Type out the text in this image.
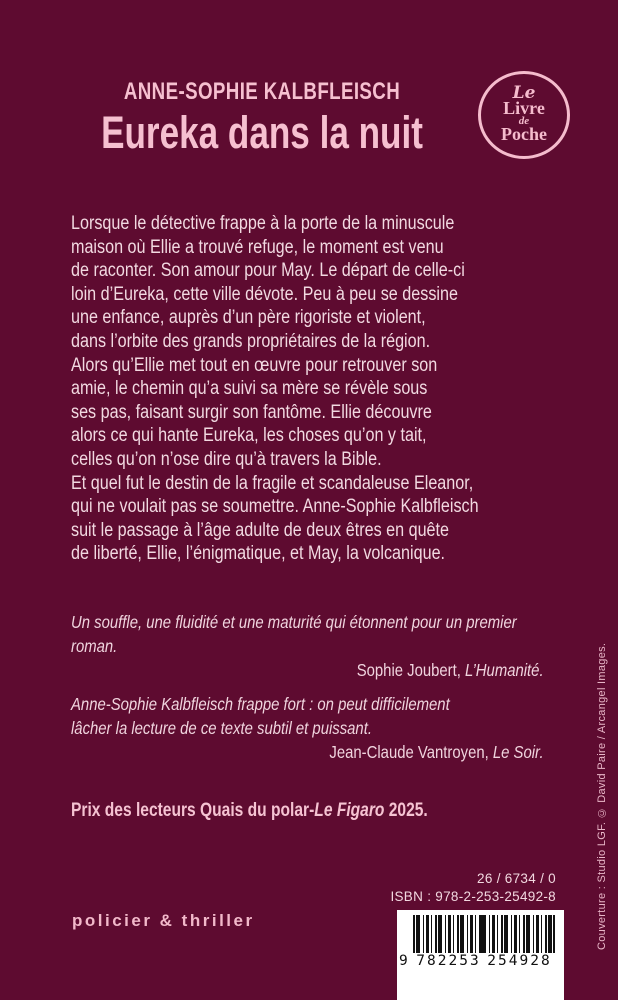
ANNE-SOPHIE KALBFLEISCH
Eureka dans la nuit
Le
Livre
de
Poche
Lorsque le détective frappe à la porte de la minuscule
maison où Ellie a trouvé refuge, le moment est venu
de raconter. Son amour pour May. Le départ de celle-ci
loin d’Eureka, cette ville dévote. Peu à peu se dessine
une enfance, auprès d’un père rigoriste et violent,
dans l’orbite des grands propriétaires de la région.
Alors qu’Ellie met tout en œuvre pour retrouver son
amie, le chemin qu’a suivi sa mère se révèle sous
ses pas, faisant surgir son fantôme. Ellie découvre
alors ce qui hante Eureka, les choses qu’on y tait,
celles qu’on n’ose dire qu’à travers la Bible.
Et quel fut le destin de la fragile et scandaleuse Eleanor,
qui ne voulait pas se soumettre. Anne-Sophie Kalbfleisch
suit le passage à l’âge adulte de deux êtres en quête
de liberté, Ellie, l’énigmatique, et May, la volcanique.
Un souffle, une fluidité et une maturité qui étonnent pour un premier
roman.
Sophie Joubert, L’Humanité.
Anne-Sophie Kalbfleisch frappe fort : on peut difficilement
lâcher la lecture de ce texte subtil et puissant.
Jean-Claude Vantroyen, Le Soir.
Prix des lecteurs Quais du polar-Le Figaro 2025.
26 / 6734 / 0
ISBN : 978-2-253-25492-8
policier & thriller
9 782253 254928
Couverture : Studio LGF. © David Paire / Arcangel Images.
